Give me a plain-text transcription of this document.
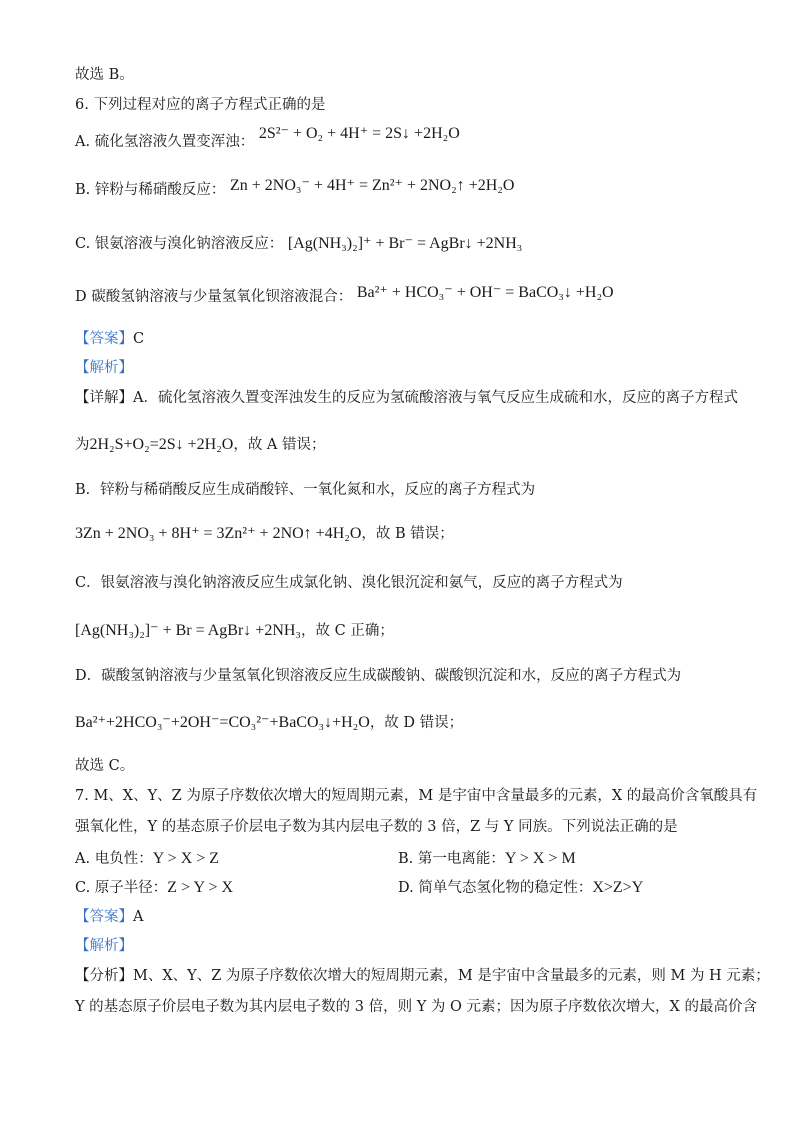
故选 B。
6. 下列过程对应的离子方程式正确的是
A. 硫化氢溶液久置变浑浊： 2S²⁻ + O₂ + 4H⁺ = 2S↓ +2H₂O
B. 锌粉与稀硝酸反应： Zn + 2NO₃⁻ + 4H⁺ = Zn²⁺ + 2NO₂↑ +2H₂O
C. 银氨溶液与溴化钠溶液反应： [Ag(NH₃)₂]⁺ + Br⁻ = AgBr↓ +2NH₃
D 碳酸氢钠溶液与少量氢氧化钡溶液混合： Ba²⁺ + HCO₃⁻ + OH⁻ = BaCO₃↓ +H₂O
【答案】C
【解析】
【详解】A．硫化氢溶液久置变浑浊发生的反应为氢硫酸溶液与氧气反应生成硫和水，反应的离子方程式
为2H₂S+O₂=2S↓ +2H₂O，故 A 错误；
B．锌粉与稀硝酸反应生成硝酸锌、一氧化氮和水，反应的离子方程式为
3Zn + 2NO₃ + 8H⁺ = 3Zn²⁺ + 2NO↑ +4H₂O，故 B 错误；
C．银氨溶液与溴化钠溶液反应生成氯化钠、溴化银沉淀和氨气，反应的离子方程式为
[Ag(NH₃)₂]⁻ + Br = AgBr↓ +2NH₃，故 C 正确；
D．碳酸氢钠溶液与少量氢氧化钡溶液反应生成碳酸钠、碳酸钡沉淀和水，反应的离子方程式为
Ba²⁺+2HCO₃⁻+2OH⁻=CO₃²⁻+BaCO₃↓+H₂O，故 D 错误；
故选 C。
7. M、X、Y、Z 为原子序数依次增大的短周期元素，M 是宇宙中含量最多的元素，X 的最高价含氧酸具有
强氧化性，Y 的基态原子价层电子数为其内层电子数的 3 倍，Z 与 Y 同族。下列说法正确的是
A. 电负性：Y > X > Z	B. 第一电离能：Y > X > M
C. 原子半径：Z > Y > X	D. 简单气态氢化物的稳定性：X>Z>Y
【答案】A
【解析】
【分析】M、X、Y、Z 为原子序数依次增大的短周期元素，M 是宇宙中含量最多的元素，则 M 为 H 元素；
Y 的基态原子价层电子数为其内层电子数的 3 倍，则 Y 为 O 元素；因为原子序数依次增大，X 的最高价含
